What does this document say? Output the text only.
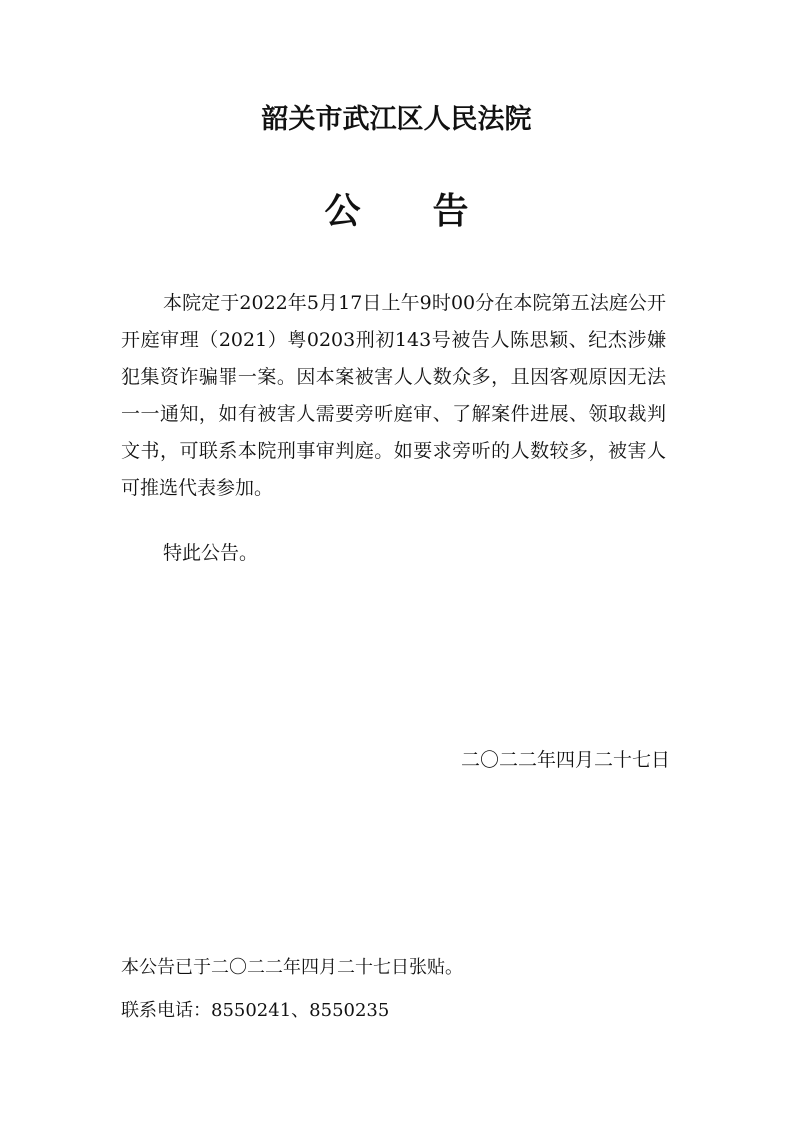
韶关市武江区人民法院
公 告

本院定于2022年5月17日上午9时00分在本院第五法庭公开开庭审理（2021）粤0203刑初143号被告人陈思颖、纪杰涉嫌犯集资诈骗罪一案。因本案被害人人数众多，且因客观原因无法一一通知，如有被害人需要旁听庭审、了解案件进展、领取裁判文书，可联系本院刑事审判庭。如要求旁听的人数较多，被害人可推选代表参加。

特此公告。

二〇二二年四月二十七日
本公告已于二〇二二年四月二十七日张贴。
联系电话：8550241、8550235
